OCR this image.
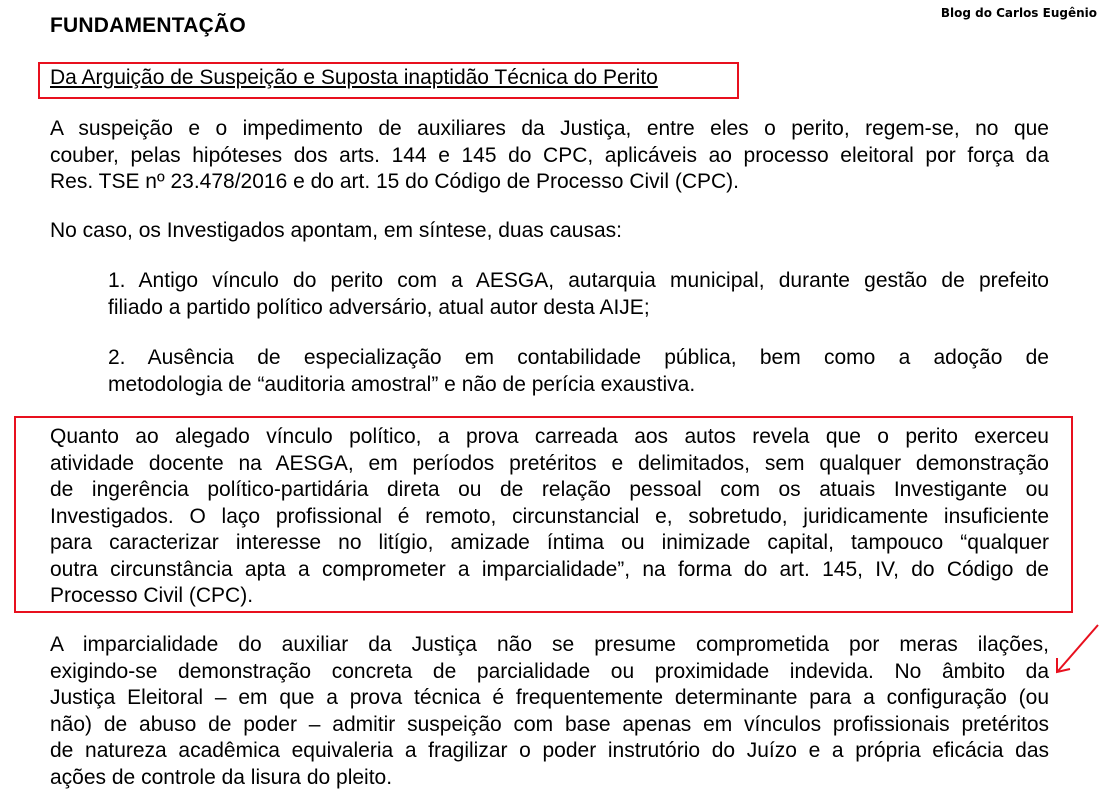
Blog do Carlos Eugênio
FUNDAMENTAÇÃO
Da Arguição de Suspeição e Suposta inaptidão Técnica do Perito
A suspeição e o impedimento de auxiliares da Justiça, entre eles o perito, regem-se, no que
couber, pelas hipóteses dos arts. 144 e 145 do CPC, aplicáveis ao processo eleitoral por força da
Res. TSE nº 23.478/2016 e do art. 15 do Código de Processo Civil (CPC).
No caso, os Investigados apontam, em síntese, duas causas:
1. Antigo vínculo do perito com a AESGA, autarquia municipal, durante gestão de prefeito
filiado a partido político adversário, atual autor desta AIJE;
2. Ausência de especialização em contabilidade pública, bem como a adoção de
metodologia de “auditoria amostral” e não de perícia exaustiva.
Quanto ao alegado vínculo político, a prova carreada aos autos revela que o perito exerceu
atividade docente na AESGA, em períodos pretéritos e delimitados, sem qualquer demonstração
de ingerência político-partidária direta ou de relação pessoal com os atuais Investigante ou
Investigados. O laço profissional é remoto, circunstancial e, sobretudo, juridicamente insuficiente
para caracterizar interesse no litígio, amizade íntima ou inimizade capital, tampouco “qualquer
outra circunstância apta a comprometer a imparcialidade”, na forma do art. 145, IV, do Código de
Processo Civil (CPC).
A imparcialidade do auxiliar da Justiça não se presume comprometida por meras ilações,
exigindo-se demonstração concreta de parcialidade ou proximidade indevida. No âmbito da
Justiça Eleitoral – em que a prova técnica é frequentemente determinante para a configuração (ou
não) de abuso de poder – admitir suspeição com base apenas em vínculos profissionais pretéritos
de natureza acadêmica equivaleria a fragilizar o poder instrutório do Juízo e a própria eficácia das
ações de controle da lisura do pleito.
